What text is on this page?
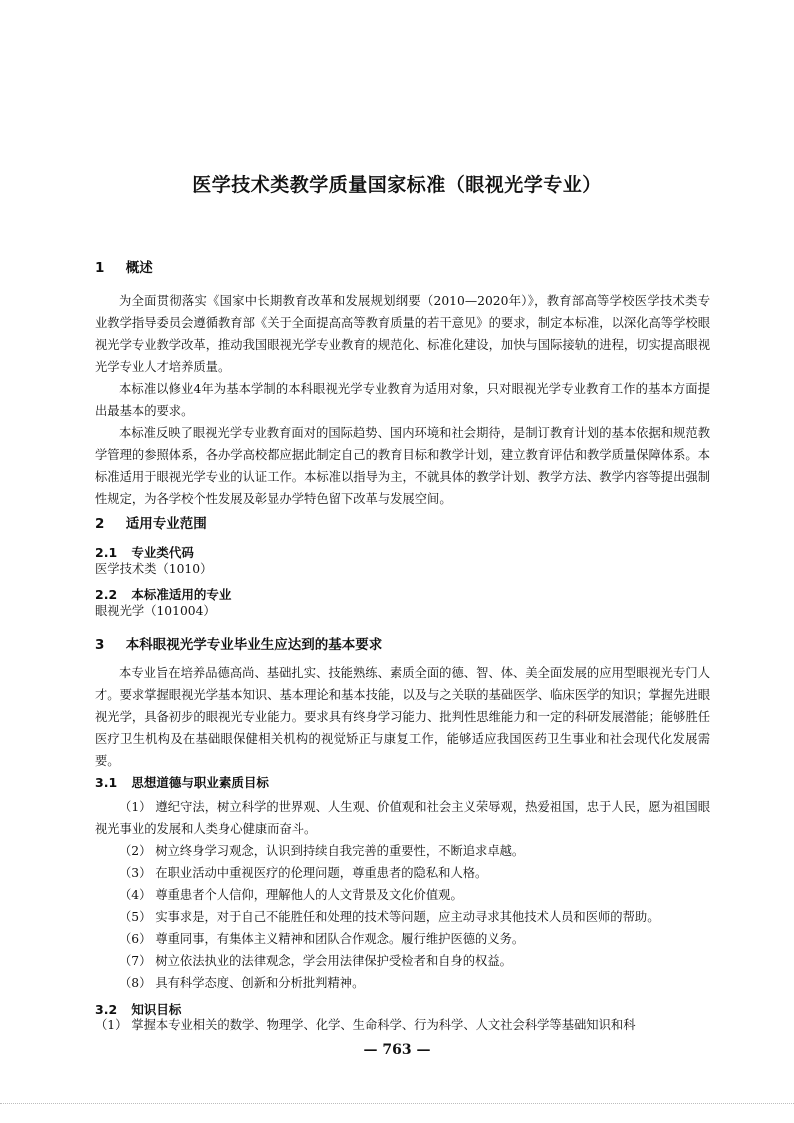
医学技术类教学质量国家标准（眼视光学专业）
1 概述
为全面贯彻落实《国家中长期教育改革和发展规划纲要（2010—2020年）》，教育部高等学校医学技术类专业教学指导委员会遵循教育部《关于全面提高高等教育质量的若干意见》的要求，制定本标准，以深化高等学校眼视光学专业教学改革，推动我国眼视光学专业教育的规范化、标准化建设，加快与国际接轨的进程，切实提高眼视光学专业人才培养质量。
本标准以修业4年为基本学制的本科眼视光学专业教育为适用对象，只对眼视光学专业教育工作的基本方面提出最基本的要求。
本标准反映了眼视光学专业教育面对的国际趋势、国内环境和社会期待，是制订教育计划的基本依据和规范教学管理的参照体系，各办学高校都应据此制定自己的教育目标和教学计划，建立教育评估和教学质量保障体系。本标准适用于眼视光学专业的认证工作。本标准以指导为主，不就具体的教学计划、教学方法、教学内容等提出强制性规定，为各学校个性发展及彰显办学特色留下改革与发展空间。
2 适用专业范围
2.1 专业类代码
医学技术类（1010）
2.2 本标准适用的专业
眼视光学（101004）
3 本科眼视光学专业毕业生应达到的基本要求
本专业旨在培养品德高尚、基础扎实、技能熟练、素质全面的德、智、体、美全面发展的应用型眼视光专门人才。要求掌握眼视光学基本知识、基本理论和基本技能，以及与之关联的基础医学、临床医学的知识；掌握先进眼视光学，具备初步的眼视光专业能力。要求具有终身学习能力、批判性思维能力和一定的科研发展潜能；能够胜任医疗卫生机构及在基础眼保健相关机构的视觉矫正与康复工作，能够适应我国医药卫生事业和社会现代化发展需要。
3.1 思想道德与职业素质目标
（1） 遵纪守法，树立科学的世界观、人生观、价值观和社会主义荣辱观，热爱祖国，忠于人民，愿为祖国眼视光事业的发展和人类身心健康而奋斗。
（2） 树立终身学习观念，认识到持续自我完善的重要性，不断追求卓越。
（3） 在职业活动中重视医疗的伦理问题，尊重患者的隐私和人格。
（4） 尊重患者个人信仰，理解他人的人文背景及文化价值观。
（5） 实事求是，对于自己不能胜任和处理的技术等问题，应主动寻求其他技术人员和医师的帮助。
（6） 尊重同事，有集体主义精神和团队合作观念。履行维护医德的义务。
（7） 树立依法执业的法律观念，学会用法律保护受检者和自身的权益。
（8） 具有科学态度、创新和分析批判精神。
3.2 知识目标
（1） 掌握本专业相关的数学、物理学、化学、生命科学、行为科学、人文社会科学等基础知识和科
— 763 —
